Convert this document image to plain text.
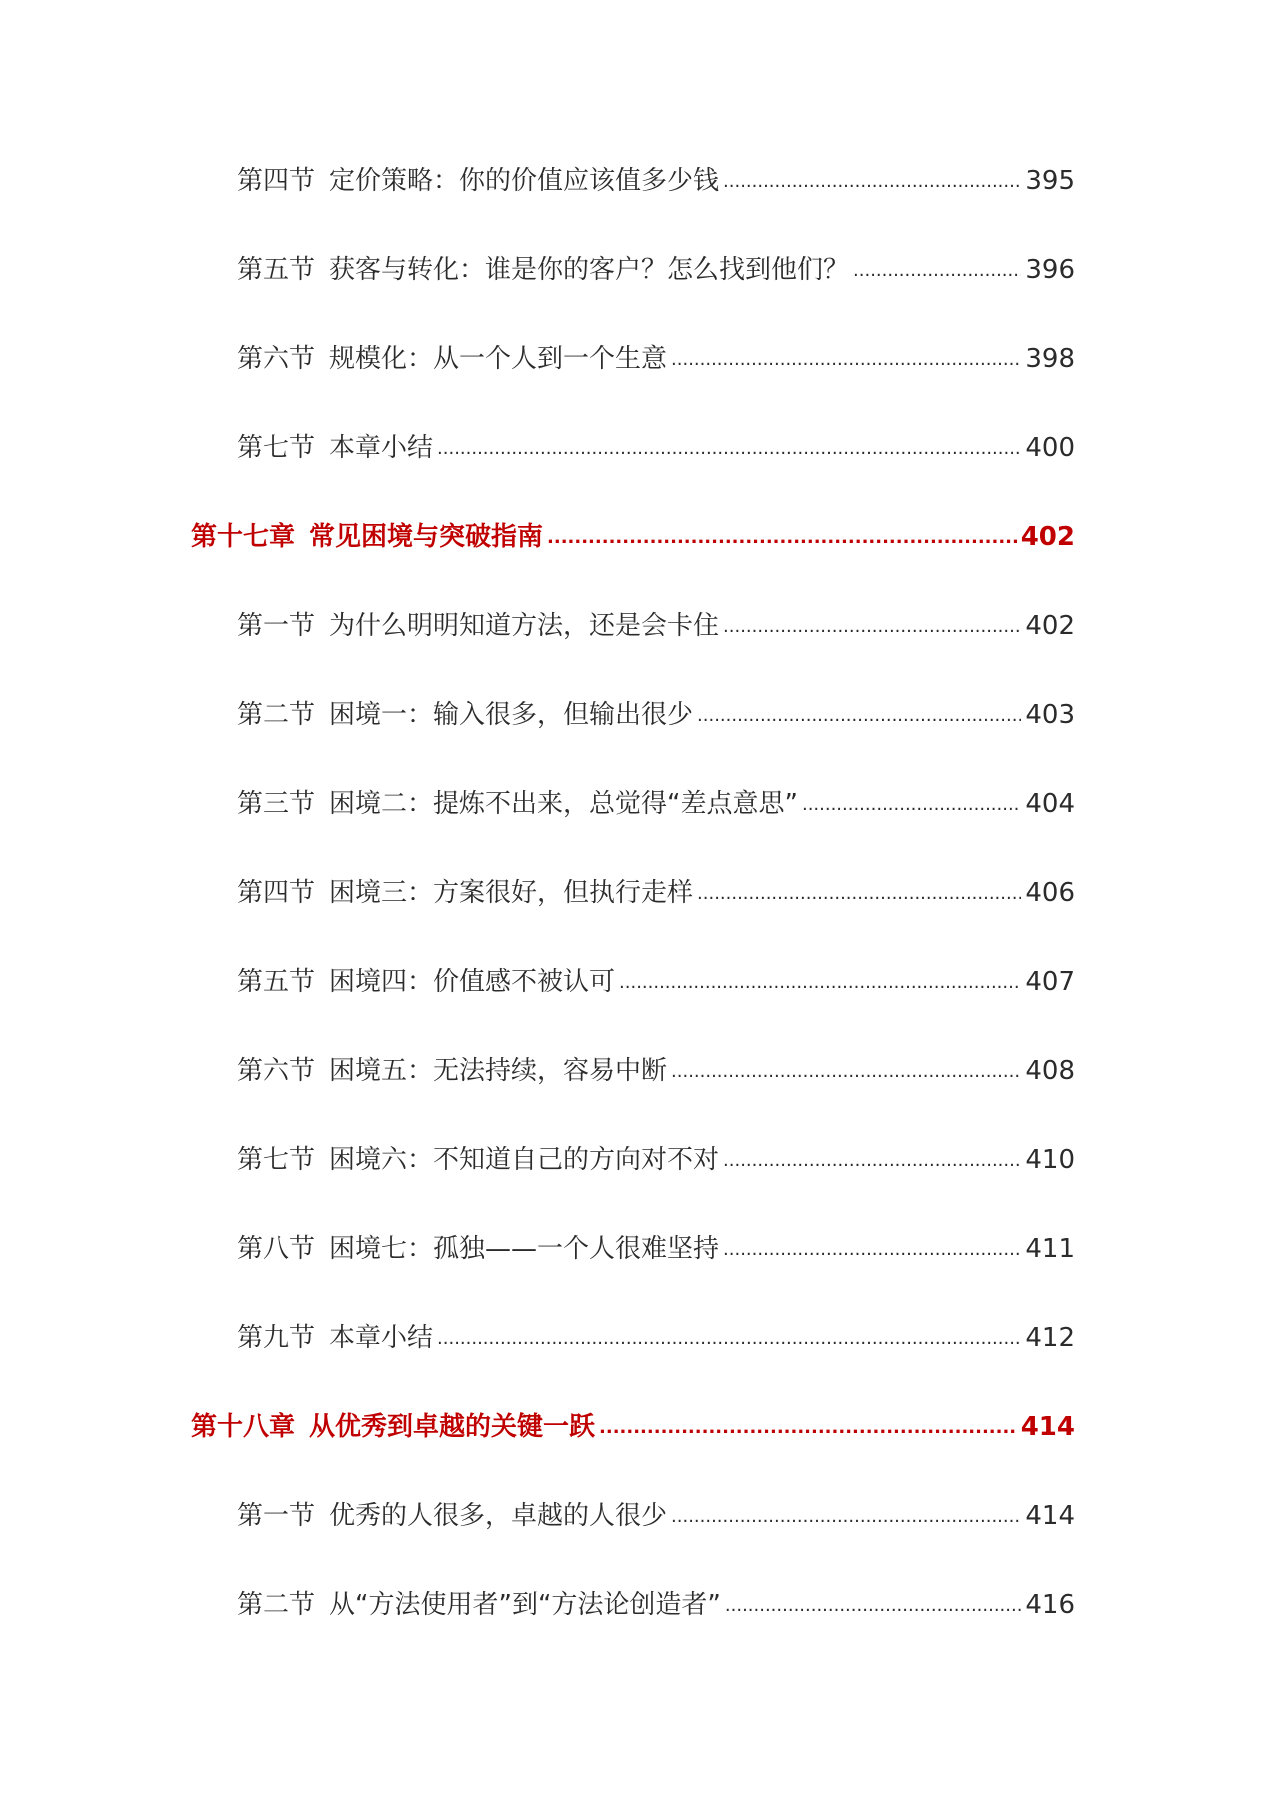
第四节 定价策略：你的价值应该值多少钱 .....	395
第五节 获客与转化：谁是你的客户？怎么找到他们？ .....	396
第六节 规模化：从一个人到一个生意 .....	398
第七节 本章小结 .....	400
第十七章 常见困境与突破指南 .....	402
第一节 为什么明明知道方法，还是会卡住 .....	402
第二节 困境一：输入很多，但输出很少 .....	403
第三节 困境二：提炼不出来，总觉得“差点意思” .....	404
第四节 困境三：方案很好，但执行走样 .....	406
第五节 困境四：价值感不被认可 .....	407
第六节 困境五：无法持续，容易中断 .....	408
第七节 困境六：不知道自己的方向对不对 .....	410
第八节 困境七：孤独——一个人很难坚持 .....	411
第九节 本章小结 .....	412
第十八章 从优秀到卓越的关键一跃 .....	414
第一节 优秀的人很多，卓越的人很少 .....	414
第二节 从“方法使用者”到“方法论创造者” .....	416
